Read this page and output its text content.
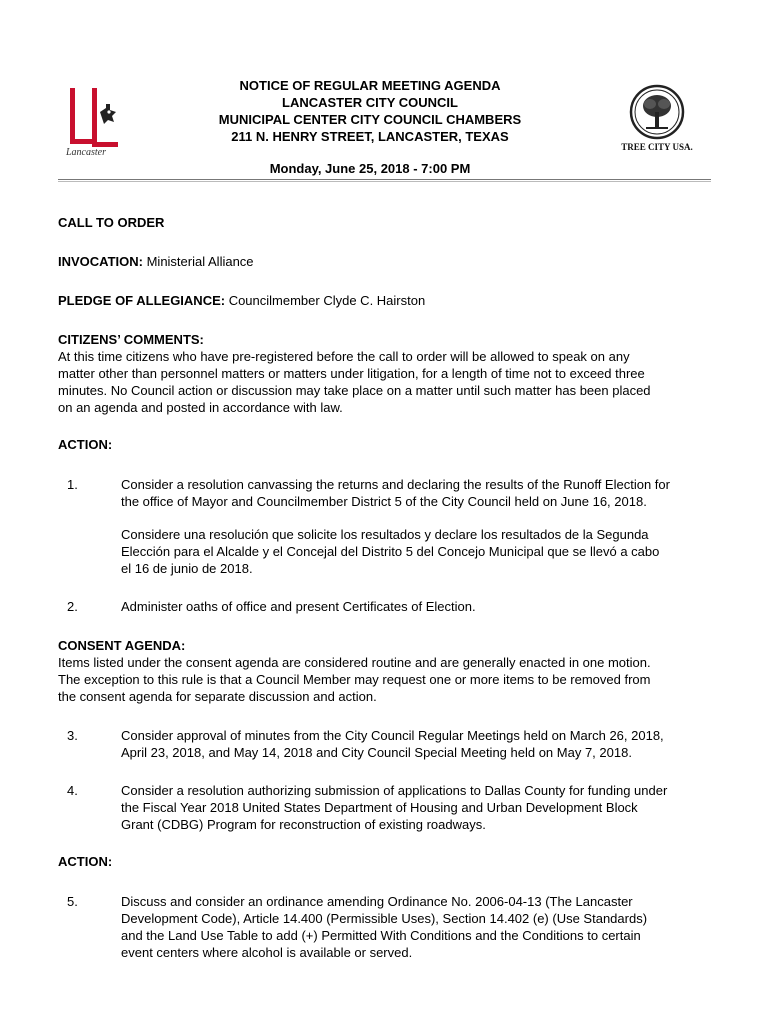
Lancaster	TREE CITY USA.
NOTICE OF REGULAR MEETING AGENDA
LANCASTER CITY COUNCIL
MUNICIPAL CENTER CITY COUNCIL CHAMBERS
211 N. HENRY STREET, LANCASTER, TEXAS
Monday, June 25, 2018 - 7:00 PM
CALL TO ORDER
INVOCATION: Ministerial Alliance
PLEDGE OF ALLEGIANCE: Councilmember Clyde C. Hairston
CITIZENS’ COMMENTS:
At this time citizens who have pre-registered before the call to order will be allowed to speak on any
matter other than personnel matters or matters under litigation, for a length of time not to exceed three
minutes. No Council action or discussion may take place on a matter until such matter has been placed
on an agenda and posted in accordance with law.
ACTION:
1.	Consider a resolution canvassing the returns and declaring the results of the Runoff Election for
the office of Mayor and Councilmember District 5 of the City Council held on June 16, 2018.
Considere una resolución que solicite los resultados y declare los resultados de la Segunda
Elección para el Alcalde y el Concejal del Distrito 5 del Concejo Municipal que se llevó a cabo
el 16 de junio de 2018.
2.	Administer oaths of office and present Certificates of Election.
CONSENT AGENDA:
Items listed under the consent agenda are considered routine and are generally enacted in one motion.
The exception to this rule is that a Council Member may request one or more items to be removed from
the consent agenda for separate discussion and action.
3.	Consider approval of minutes from the City Council Regular Meetings held on March 26, 2018,
April 23, 2018, and May 14, 2018 and City Council Special Meeting held on May 7, 2018.
4.	Consider a resolution authorizing submission of applications to Dallas County for funding under
the Fiscal Year 2018 United States Department of Housing and Urban Development Block
Grant (CDBG) Program for reconstruction of existing roadways.
ACTION:
5.	Discuss and consider an ordinance amending Ordinance No. 2006-04-13 (The Lancaster
Development Code), Article 14.400 (Permissible Uses), Section 14.402 (e) (Use Standards)
and the Land Use Table to add (+) Permitted With Conditions and the Conditions to certain
event centers where alcohol is available or served.
